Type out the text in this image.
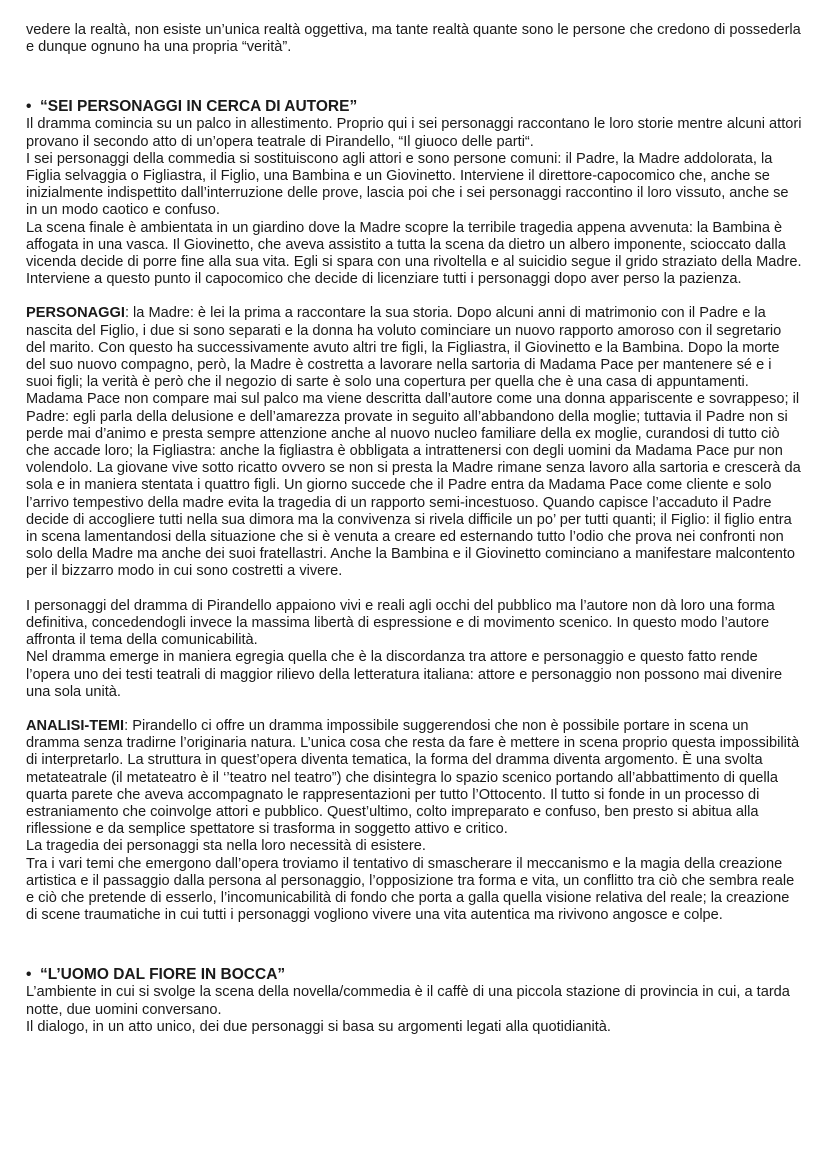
vedere la realtà, non esiste un’unica realtà oggettiva, ma tante realtà quante sono le persone che credono di possederla e dunque ognuno ha una propria “verità”.

• “SEI PERSONAGGI IN CERCA DI AUTORE”

Il dramma comincia su un palco in allestimento. Proprio qui i sei personaggi raccontano le loro storie mentre alcuni attori provano il secondo atto di un’opera teatrale di Pirandello, “Il giuoco delle parti“.

I sei personaggi della commedia si sostituiscono agli attori e sono persone comuni: il Padre, la Madre addolorata, la Figlia selvaggia o Figliastra, il Figlio, una Bambina e un Giovinetto. Interviene il direttore-capocomico che, anche se inizialmente indispettito dall’interruzione delle prove, lascia poi che i sei personaggi raccontino il loro vissuto, anche se in un modo caotico e confuso.

La scena finale è ambientata in un giardino dove la Madre scopre la terribile tragedia appena avvenuta: la Bambina è affogata in una vasca. Il Giovinetto, che aveva assistito a tutta la scena da dietro un albero imponente, scioccato dalla vicenda decide di porre fine alla sua vita. Egli si spara con una rivoltella e al suicidio segue il grido straziato della Madre.

Interviene a questo punto il capocomico che decide di licenziare tutti i personaggi dopo aver perso la pazienza.

PERSONAGGI: la Madre: è lei la prima a raccontare la sua storia. Dopo alcuni anni di matrimonio con il Padre e la nascita del Figlio, i due si sono separati e la donna ha voluto cominciare un nuovo rapporto amoroso con il segretario del marito. Con questo ha successivamente avuto altri tre figli, la Figliastra, il Giovinetto e la Bambina. Dopo la morte del suo nuovo compagno, però, la Madre è costretta a lavorare nella sartoria di Madama Pace per mantenere sé e i suoi figli; la verità è però che il negozio di sarte è solo una copertura per quella che è una casa di appuntamenti. Madama Pace non compare mai sul palco ma viene descritta dall’autore come una donna appariscente e sovrappeso; il Padre: egli parla della delusione e dell’amarezza provate in seguito all’abbandono della moglie; tuttavia il Padre non si perde mai d’animo e presta sempre attenzione anche al nuovo nucleo familiare della ex moglie, curandosi di tutto ciò che accade loro; la Figliastra: anche la figliastra è obbligata a intrattenersi con degli uomini da Madama Pace pur non volendolo. La giovane vive sotto ricatto ovvero se non si presta la Madre rimane senza lavoro alla sartoria e crescerà da sola e in maniera stentata i quattro figli. Un giorno succede che il Padre entra da Madama Pace come cliente e solo l’arrivo tempestivo della madre evita la tragedia di un rapporto semi-incestuoso. Quando capisce l’accaduto il Padre decide di accogliere tutti nella sua dimora ma la convivenza si rivela difficile un po’ per tutti quanti; il Figlio: il figlio entra in scena lamentandosi della situazione che si è venuta a creare ed esternando tutto l’odio che prova nei confronti non solo della Madre ma anche dei suoi fratellastri. Anche la Bambina e il Giovinetto cominciano a manifestare malcontento per il bizzarro modo in cui sono costretti a vivere.

I personaggi del dramma di Pirandello appaiono vivi e reali agli occhi del pubblico ma l’autore non dà loro una forma definitiva, concedendogli invece la massima libertà di espressione e di movimento scenico. In questo modo l’autore affronta il tema della comunicabilità.

Nel dramma emerge in maniera egregia quella che è la discordanza tra attore e personaggio e questo fatto rende l’opera uno dei testi teatrali di maggior rilievo della letteratura italiana: attore e personaggio non possono mai divenire una sola unità.

ANALISI-TEMI: Pirandello ci offre un dramma impossibile suggerendosi che non è possibile portare in scena un dramma senza tradirne l’originaria natura. L’unica cosa che resta da fare è mettere in scena proprio questa impossibilità di interpretarlo. La struttura in quest’opera diventa tematica, la forma del dramma diventa argomento. È una svolta metateatrale (il metateatro è il ‘’teatro nel teatro”) che disintegra lo spazio scenico portando all’abbattimento di quella quarta parete che aveva accompagnato le rappresentazioni per tutto l’Ottocento. Il tutto si fonde in un processo di estraniamento che coinvolge attori e pubblico. Quest’ultimo, colto impreparato e confuso, ben presto si abitua alla riflessione e da semplice spettatore si trasforma in soggetto attivo e critico.

La tragedia dei personaggi sta nella loro necessità di esistere.

Tra i vari temi che emergono dall’opera troviamo il tentativo di smascherare il meccanismo e la magia della creazione artistica e il passaggio dalla persona al personaggio, l’opposizione tra forma e vita, un conflitto tra ciò che sembra reale e ciò che pretende di esserlo, l’incomunicabilità di fondo che porta a galla quella visione relativa del reale; la creazione di scene traumatiche in cui tutti i personaggi vogliono vivere una vita autentica ma rivivono angosce e colpe.

• “L’UOMO DAL FIORE IN BOCCA”

L’ambiente in cui si svolge la scena della novella/commedia è il caffè di una piccola stazione di provincia in cui, a tarda notte, due uomini conversano.

Il dialogo, in un atto unico, dei due personaggi si basa su argomenti legati alla quotidianità.
